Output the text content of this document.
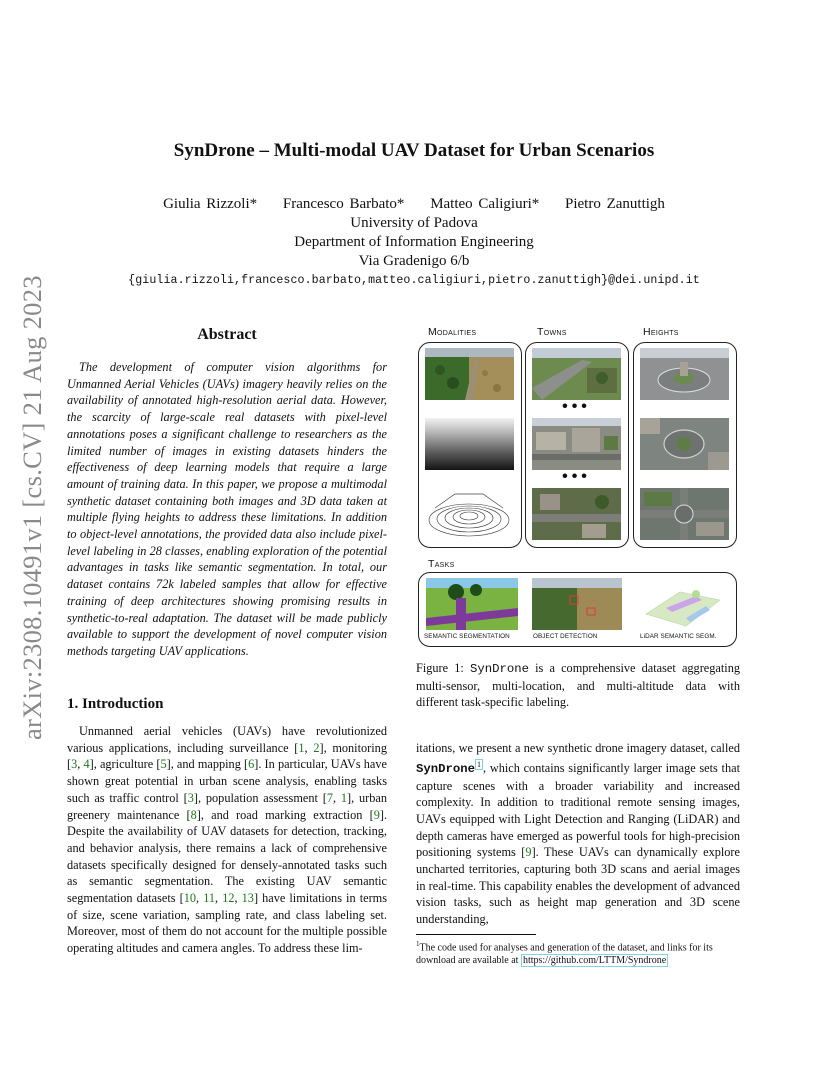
arXiv:2308.10491v1 [cs.CV] 21 Aug 2023
SynDrone – Multi-modal UAV Dataset for Urban Scenarios
Giulia Rizzoli* Francesco Barbato* Matteo Caligiuri* Pietro Zanuttigh
University of Padova
Department of Information Engineering
Via Gradenigo 6/b
{giulia.rizzoli,francesco.barbato,matteo.caligiuri,pietro.zanuttigh}@dei.unipd.it
Abstract
The development of computer vision algorithms for Unmanned Aerial Vehicles (UAVs) imagery heavily relies on the availability of annotated high-resolution aerial data. However, the scarcity of large-scale real datasets with pixel-level annotations poses a significant challenge to researchers as the limited number of images in existing datasets hinders the effectiveness of deep learning models that require a large amount of training data. In this paper, we propose a multimodal synthetic dataset containing both images and 3D data taken at multiple flying heights to address these limitations. In addition to object-level annotations, the provided data also include pixel-level labeling in 28 classes, enabling exploration of the potential advantages in tasks like semantic segmentation. In total, our dataset contains 72k labeled samples that allow for effective training of deep architectures showing promising results in synthetic-to-real adaptation. The dataset will be made publicly available to support the development of novel computer vision methods targeting UAV applications.
1. Introduction
Unmanned aerial vehicles (UAVs) have revolutionized various applications, including surveillance [1, 2], monitoring [3, 4], agriculture [5], and mapping [6]. In particular, UAVs have shown great potential in urban scene analysis, enabling tasks such as traffic control [3], population assessment [7, 1], urban greenery maintenance [8], and road marking extraction [9]. Despite the availability of UAV datasets for detection, tracking, and behavior analysis, there remains a lack of comprehensive datasets specifically designed for densely-annotated tasks such as semantic segmentation. The existing UAV semantic segmentation datasets [10, 11, 12, 13] have limitations in terms of size, scene variation, sampling rate, and class labeling set. Moreover, most of them do not account for the multiple possible operating altitudes and camera angles. To address these lim-
Modalities	Towns	Heights
•••
•••
Tasks
SEMANTIC SEGMENTATION	OBJECT DETECTION	LiDAR SEMANTIC SEGM.
Figure 1: SynDrone is a comprehensive dataset aggregating multi-sensor, multi-location, and multi-altitude data with different task-specific labeling.
itations, we present a new synthetic drone imagery dataset, called SynDrone $^1$ , which contains significantly larger image sets that capture scenes with a broader variability and increased complexity. In addition to traditional remote sensing images, UAVs equipped with Light Detection and Ranging (LiDAR) and depth cameras have emerged as powerful tools for high-precision positioning systems [9]. These UAVs can dynamically explore uncharted territories, capturing both 3D scans and aerial images in real-time. This capability enables the development of advanced vision tasks, such as height map generation and 3D scene understanding,
$^1$The code used for analyses and generation of the dataset, and links for its download are available at https://github.com/LTTM/Syndrone
